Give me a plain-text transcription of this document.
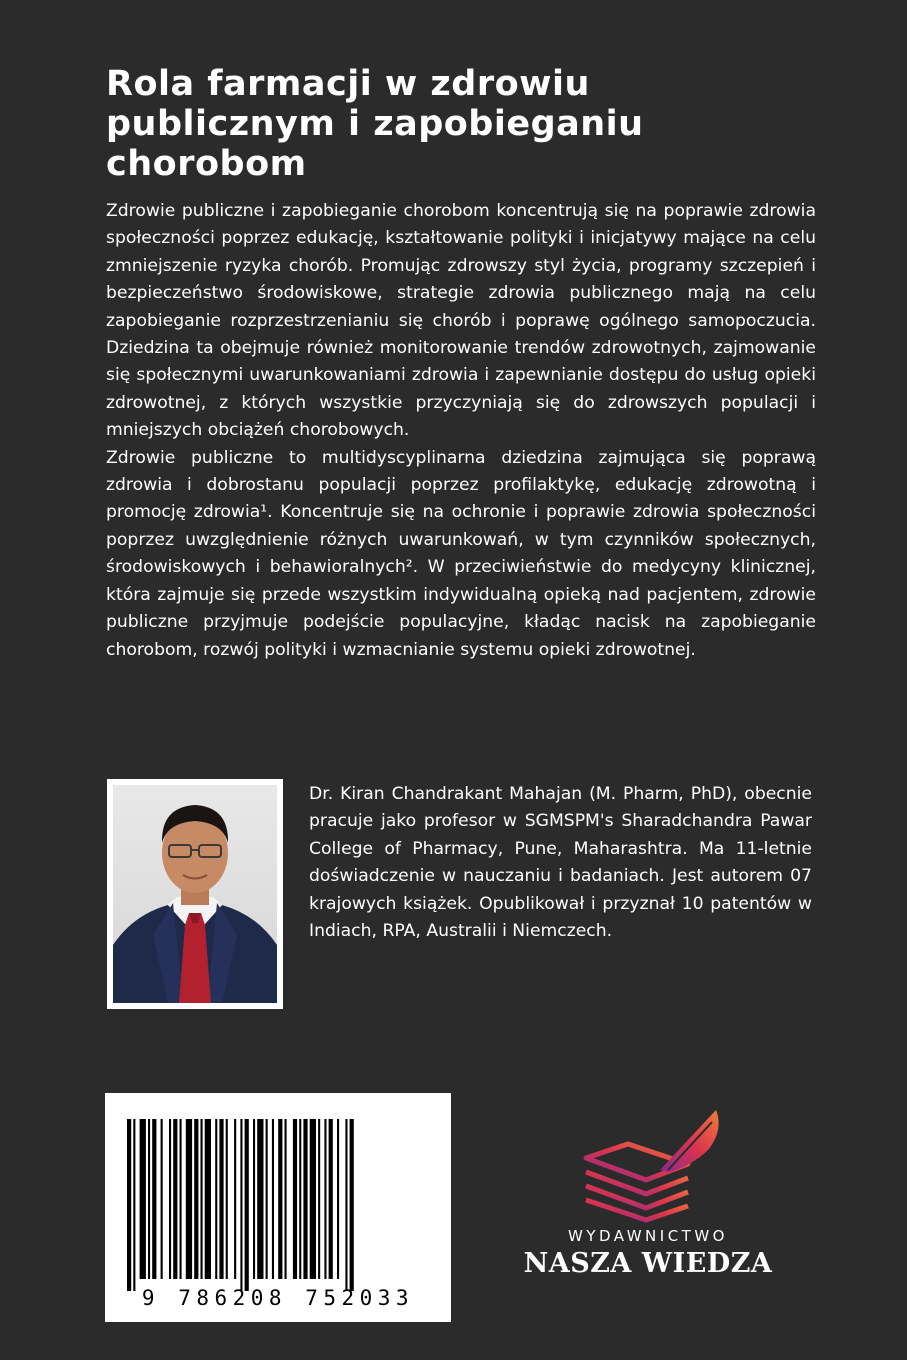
Rola farmacji w zdrowiu publicznym i zapobieganiu chorobom

Zdrowie publiczne i zapobieganie chorobom koncentrują się na poprawie zdrowia społeczności poprzez edukację, kształtowanie polityki i inicjatywy mające na celu zmniejszenie ryzyka chorób. Promując zdrowszy styl życia, programy szczepień i bezpieczeństwo środowiskowe, strategie zdrowia publicznego mają na celu zapobieganie rozprzestrzenianiu się chorób i poprawę ogólnego samopoczucia. Dziedzina ta obejmuje również monitorowanie trendów zdrowotnych, zajmowanie się społecznymi uwarunkowaniami zdrowia i zapewnianie dostępu do usług opieki zdrowotnej, z których wszystkie przyczyniają się do zdrowszych populacji i mniejszych obciążeń chorobowych.

Zdrowie publiczne to multidyscyplinarna dziedzina zajmująca się poprawą zdrowia i dobrostanu populacji poprzez profilaktykę, edukację zdrowotną i promocję zdrowia¹. Koncentruje się na ochronie i poprawie zdrowia społeczności poprzez uwzględnienie różnych uwarunkowań, w tym czynników społecznych, środowiskowych i behawioralnych². W przeciwieństwie do medycyny klinicznej, która zajmuje się przede wszystkim indywidualną opieką nad pacjentem, zdrowie publiczne przyjmuje podejście populacyjne, kładąc nacisk na zapobieganie chorobom, rozwój polityki i wzmacnianie systemu opieki zdrowotnej.

Dr. Kiran Chandrakant Mahajan (M. Pharm, PhD), obecnie pracuje jako profesor w SGMSPM's Sharadchandra Pawar College of Pharmacy, Pune, Maharashtra. Ma 11-letnie doświadczenie w nauczaniu i badaniach. Jest autorem 07 krajowych książek. Opublikował i przyznał 10 patentów w Indiach, RPA, Australii i Niemczech.

9 786208 752033
WYDAWNICTWO
NASZA WIEDZA
